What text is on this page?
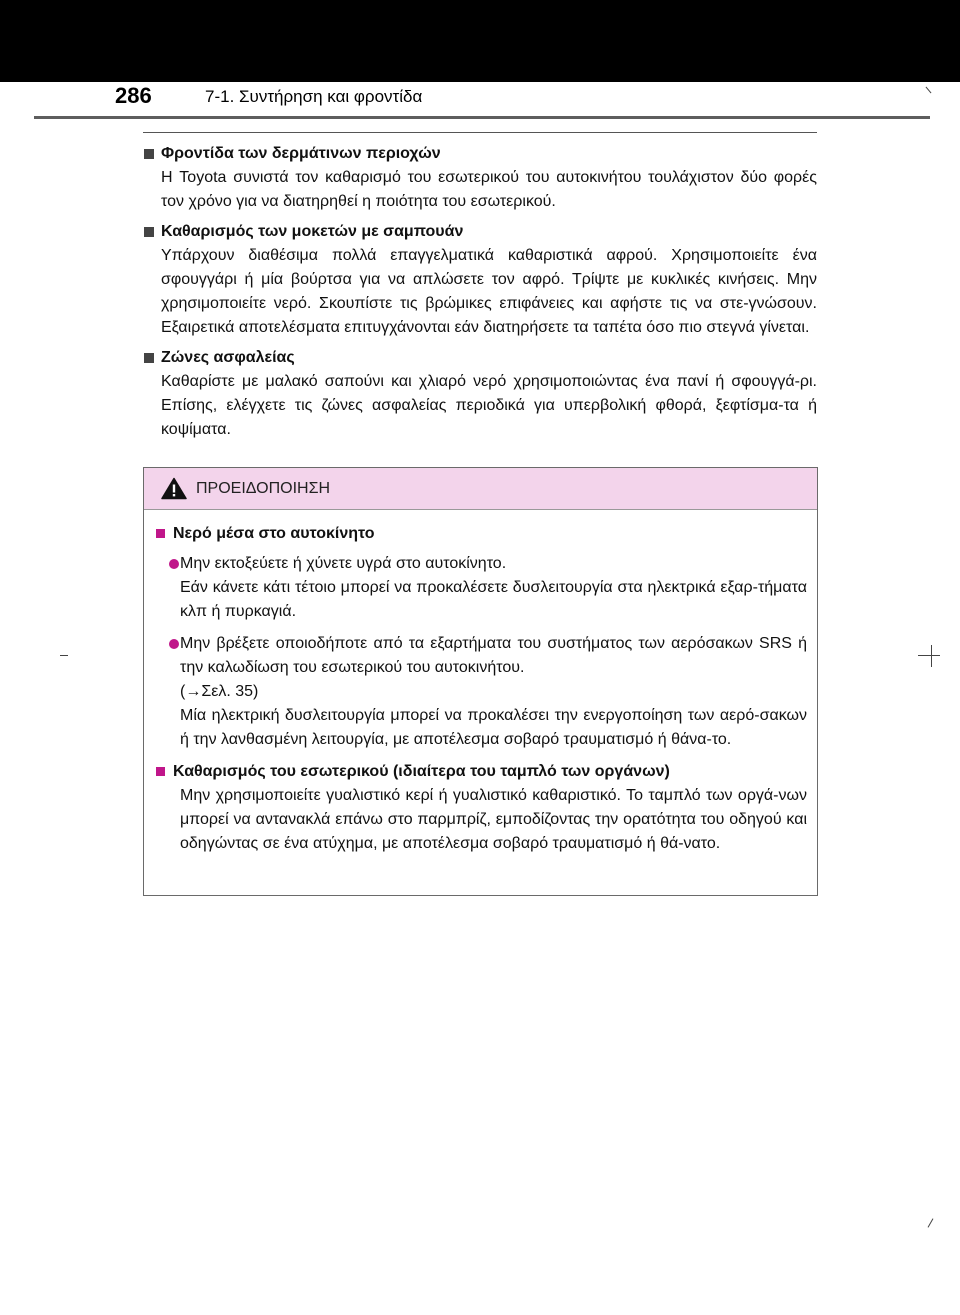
286	7-1. Συντήρηση και φροντίδα
Φροντίδα των δερμάτινων περιοχών
Η Toyota συνιστά τον καθαρισμό του εσωτερικού του αυτοκινήτου τουλάχιστον δύο φορές τον χρόνο για να διατηρηθεί η ποιότητα του εσωτερικού.
Καθαρισμός των μοκετών με σαμπουάν
Υπάρχουν διαθέσιμα πολλά επαγγελματικά καθαριστικά αφρού. Χρησιμοποιείτε ένα σφουγγάρι ή μία βούρτσα για να απλώσετε τον αφρό. Τρίψτε με κυκλικές κινήσεις. Μην χρησιμοποιείτε νερό. Σκουπίστε τις βρώμικες επιφάνειες και αφήστε τις να στε-γνώσουν. Εξαιρετικά αποτελέσματα επιτυγχάνονται εάν διατηρήσετε τα ταπέτα όσο πιο στεγνά γίνεται.
Ζώνες ασφαλείας
Καθαρίστε με μαλακό σαπούνι και χλιαρό νερό χρησιμοποιώντας ένα πανί ή σφουγγά-ρι. Επίσης, ελέγχετε τις ζώνες ασφαλείας περιοδικά για υπερβολική φθορά, ξεφτίσμα-τα ή κοψίματα.
ΠΡΟΕΙΔΟΠΟΙΗΣΗ
Νερό μέσα στο αυτοκίνητο
Μην εκτοξεύετε ή χύνετε υγρά στο αυτοκίνητο.
Εάν κάνετε κάτι τέτοιο μπορεί να προκαλέσετε δυσλειτουργία στα ηλεκτρικά εξαρ-τήματα κλπ ή πυρκαγιά.
Μην βρέξετε οποιοδήποτε από τα εξαρτήματα του συστήματος των αερόσακων SRS ή την καλωδίωση του εσωτερικού του αυτοκινήτου.
(→Σελ. 35)
Μία ηλεκτρική δυσλειτουργία μπορεί να προκαλέσει την ενεργοποίηση των αερό-σακων ή την λανθασμένη λειτουργία, με αποτέλεσμα σοβαρό τραυματισμό ή θάνα-το.
Καθαρισμός του εσωτερικού (ιδιαίτερα του ταμπλό των οργάνων)
Μην χρησιμοποιείτε γυαλιστικό κερί ή γυαλιστικό καθαριστικό. Το ταμπλό των οργά-νων μπορεί να αντανακλά επάνω στο παρμπρίζ, εμποδίζοντας την ορατότητα του οδηγού και οδηγώντας σε ένα ατύχημα, με αποτέλεσμα σοβαρό τραυματισμό ή θά-νατο.
